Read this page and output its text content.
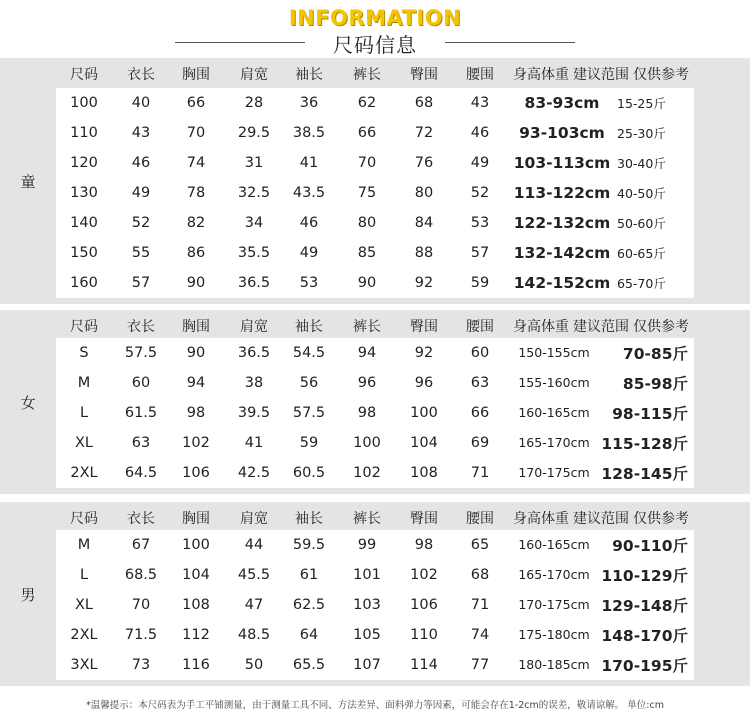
INFORMATION
尺码信息
童
尺码	衣长	胸围	肩宽	袖长	裤长	臀围	腰围	身高体重 建议范围 仅供参考
100	40	66	28	36	62	68	43	83-93cm	15-25斤
110	43	70	29.5	38.5	66	72	46	93-103cm 25-30斤
120	46	74	31	41	70	76	49	103-113cm 30-40斤
130	49	78	32.5	43.5	75	80	52	113-122cm 40-50斤
140	52	82	34	46	80	84	53	122-132cm 50-60斤
150	55	86	35.5	49	85	88	57	132-142cm 60-65斤
160	57	90	36.5	53	90	92	59	142-152cm 65-70斤
女
尺码	衣长	胸围	肩宽	袖长	裤长	臀围	腰围	身高体重 建议范围 仅供参考
S	57.5	90	36.5	54.5	94	92	60	150-155cm	70-85斤
M	60	94	38	56	96	96	63	155-160cm	85-98斤
L	61.5	98	39.5	57.5	98	100	66	160-165cm	98-115斤
XL	63	102	41	59	100	104	69	165-170cm 115-128斤
2XL	64.5	106	42.5	60.5	102	108	71	170-175cm 128-145斤
男
尺码	衣长	胸围	肩宽	袖长	裤长	臀围	腰围	身高体重 建议范围 仅供参考
M	67	100	44	59.5	99	98	65	160-165cm	90-110斤
L	68.5	104	45.5	61	101	102	68	165-170cm 110-129斤
XL	70	108	47	62.5	103	106	71	170-175cm 129-148斤
2XL	71.5	112	48.5	64	105	110	74	175-180cm 148-170斤
3XL	73	116	50	65.5	107	114	77	180-185cm 170-195斤
*温馨提示：本尺码表为手工平铺测量，由于测量工具不同、方法差异、面料弹力等因素，可能会存在1-2cm的误差，敬请谅解。 单位:cm
